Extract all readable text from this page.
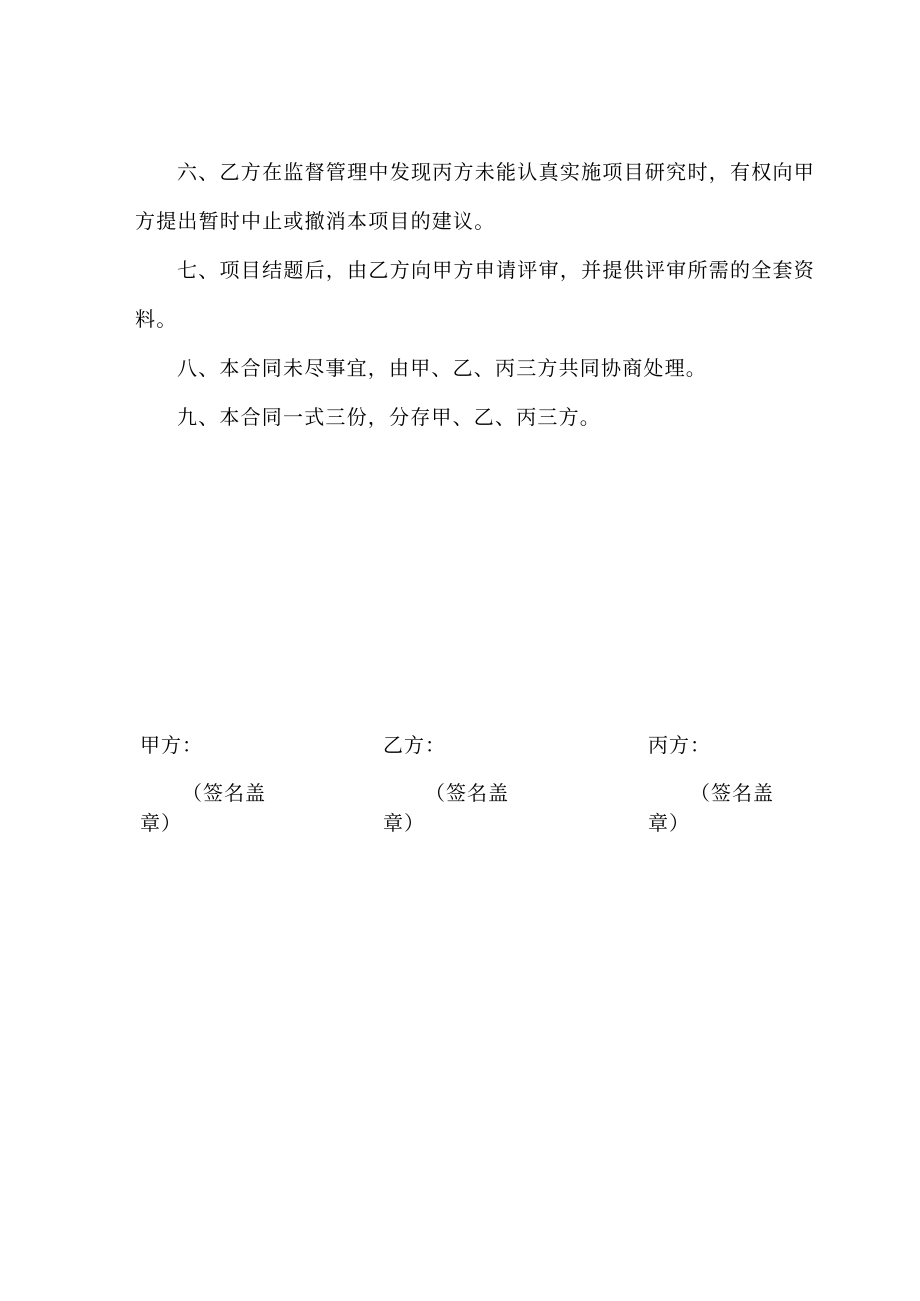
六、乙方在监督管理中发现丙方未能认真实施项目研究时，有权向甲方提出暂时中止或撤消本项目的建议。

七、项目结题后，由乙方向甲方申请评审，并提供评审所需的全套资料。

八、本合同未尽事宜，由甲、乙、丙三方共同协商处理。

九、本合同一式三份，分存甲、乙、丙三方。

甲方：

（签名盖章）

乙方：

（签名盖章）

丙方：

（签名盖章）
